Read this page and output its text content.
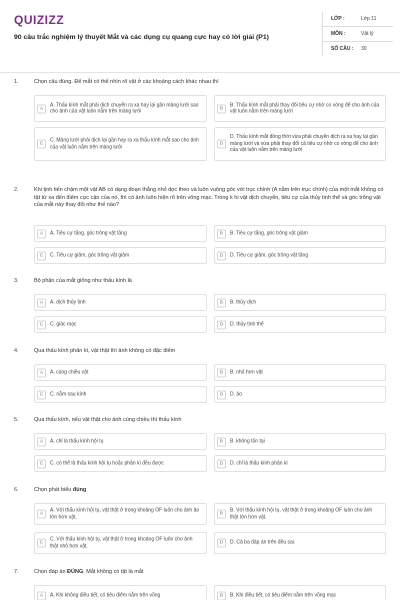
QUIZIZZ
90 câu trắc nghiệm lý thuyết Mắt và các dụng cụ quang cực hay có lời giải (P1)
LỚP :	Lớp 11
MÔN :	Vật lý
SỐ CÂU :	30
1.	Chọn câu đúng. Để mắt có thể nhìn rõ vật ở các khoảng cách khác nhau thì
A
A. Thấu kính mắt phải dịch chuyển ra xa hay lại gần màng lưới sao cho ảnh của vật luôn nằm trên màng lưới	B
B. Thấu kính mắt phải thay đổi tiêu cự nhờ co vòng để cho ảnh của vật luôn nằm trên màng lưới
C
C. Màng lưới phải dịch lại gần hay ra xa thấu kính mắt sao cho ảnh của vật luôn nằm trên màng lưới	D
D. Thấu kính mắt đồng thời vừa phải chuyển dịch ra xa hay lại gần màng lưới và vừa phải thay đổi cả tiêu cự nhờ co vòng để cho ảnh của vật luôn nằm trên màng lưới
2.	Khi tịnh tiến chậm một vật AB có dạng đoạn thẳng nhỏ dọc theo và luôn vuông góc với trục chính (A nằm trên trục chính) của một mắt không có tật từ xa đến điểm cực cận của nó, thì có ảnh luôn hiện rõ trên võng mạc. Trong k hi vật dịch chuyển, tiêu cự của thủy tinh thể và góc trông vật của mắt này thay đổi như thế nào?
A	A. Tiêu cự tăng, góc trông vật tăng	B	B. Tiêu cự tăng, góc trông vật giảm
C	C. Tiêu cự giảm, góc trông vật giảm	D	D. Tiêu cự giảm, góc trông vật tăng
3.	Bộ phận của mắt giống như thấu kính là
A	A. dịch thủy tinh	B	B. thủy dịch
C	C. giác mạc	D	D. thủy tinh thể
4.	Qua thấu kính phân kì, vật thật thì ảnh không có đặc điểm
A	A. cùng chiều vật	B	B. nhỏ hơn vật
C	C. nằm sau kính	D	D. ảo
5.	Qua thấu kính, nếu vật thật cho ảnh cùng chiều thì thấu kính
A	A. chỉ là thấu kính hội tụ	B	B. không tồn tại
C	C. có thể là thấu kính hội tụ hoặc phân kì đều được	D	D. chỉ là thấu kính phân kì
6.	Chọn phát biểu đúng
A
A. Với thấu kính hội tụ, vật thật ở trong khoảng OF luôn cho ảnh ảo lớn hơn vật.	B
B. Với thấu kính hội tụ, vật thật ở trong khoảng OF luôn cho ảnh thật lớn hơn vật.
C
C. Với thấu kính hội tụ, vật thật ở trong khoảng OF luôn cho ảnh thật nhỏ hơn vật.	D	D. Cả ba đáp án trên đều sai.
7.	Chọn đáp án ĐÚNG. Mắt không có tật là mắt
A	A. Khi không điều tiết, có tiêu điểm nằm trên võng	B	B. Khi điều tiết, có tiêu điểm nằm trên võng mạc
